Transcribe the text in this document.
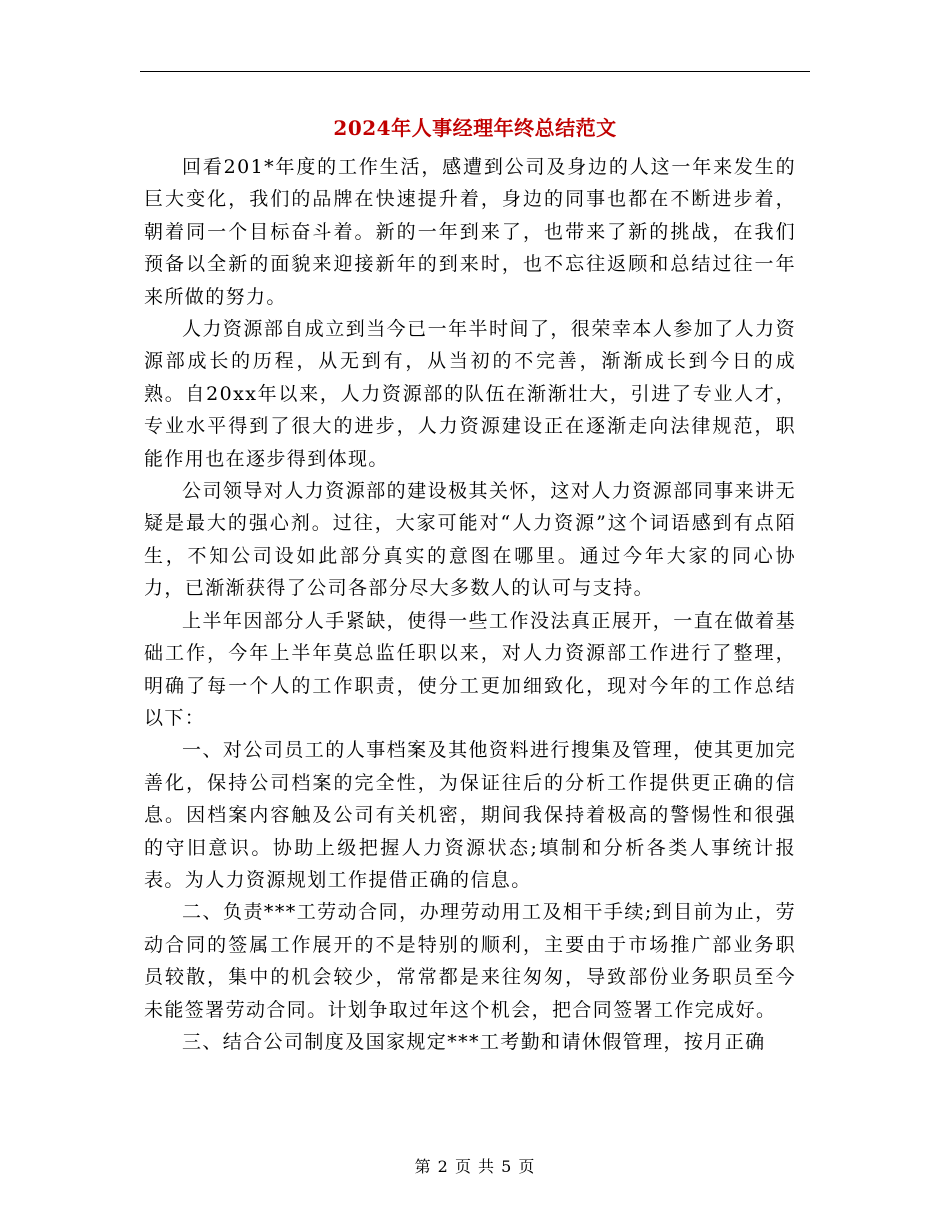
2024年人事经理年终总结范文

回看201*年度的工作生活，感遭到公司及身边的人这一年来发生的巨大变化，我们的品牌在快速提升着，身边的同事也都在不断进步着，朝着同一个目标奋斗着。新的一年到来了，也带来了新的挑战，在我们预备以全新的面貌来迎接新年的到来时，也不忘往返顾和总结过往一年来所做的努力。

人力资源部自成立到当今已一年半时间了，很荣幸本人参加了人力资源部成长的历程，从无到有，从当初的不完善，渐渐成长到今日的成熟。自20xx年以来，人力资源部的队伍在渐渐壮大，引进了专业人才，专业水平得到了很大的进步，人力资源建设正在逐渐走向法律规范，职能作用也在逐步得到体现。

公司领导对人力资源部的建设极其关怀，这对人力资源部同事来讲无疑是最大的强心剂。过往，大家可能对“人力资源”这个词语感到有点陌生，不知公司设如此部分真实的意图在哪里。通过今年大家的同心协力，已渐渐获得了公司各部分尽大多数人的认可与支持。

上半年因部分人手紧缺，使得一些工作没法真正展开，一直在做着基础工作，今年上半年莫总监任职以来，对人力资源部工作进行了整理，明确了每一个人的工作职责，使分工更加细致化，现对今年的工作总结以下：

一、对公司员工的人事档案及其他资料进行搜集及管理，使其更加完善化，保持公司档案的完全性，为保证往后的分析工作提供更正确的信息。因档案内容触及公司有关机密，期间我保持着极高的警惕性和很强的守旧意识。协助上级把握人力资源状态;填制和分析各类人事统计报表。为人力资源规划工作提借正确的信息。

二、负责***工劳动合同，办理劳动用工及相干手续;到目前为止，劳动合同的签属工作展开的不是特别的顺利，主要由于市场推广部业务职员较散，集中的机会较少，常常都是来往匆匆，导致部份业务职员至今未能签署劳动合同。计划争取过年这个机会，把合同签署工作完成好。

三、结合公司制度及国家规定***工考勤和请休假管理，按月正确

第 2 页 共 5 页
